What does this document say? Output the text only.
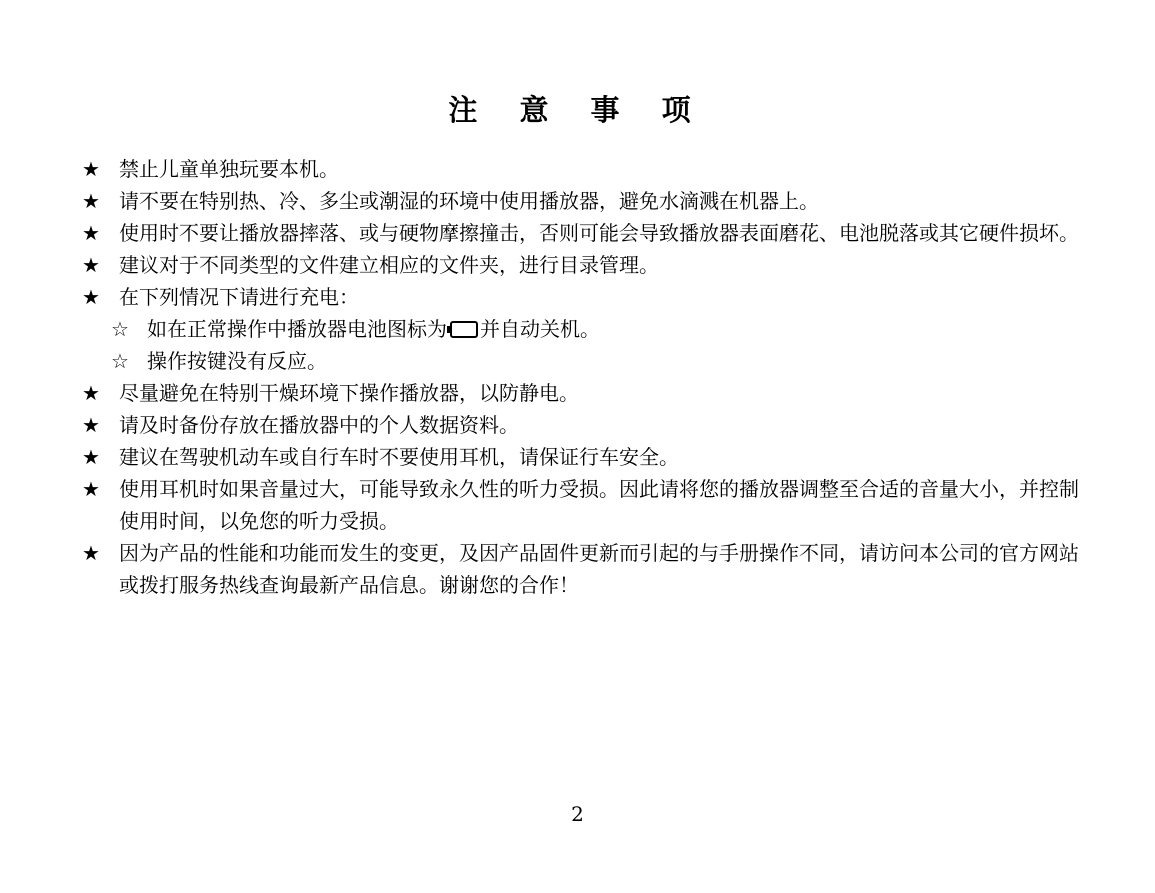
注 意 事 项
★ 禁止儿童单独玩要本机。
★ 请不要在特别热、冷、多尘或潮湿的环境中使用播放器，避免水滴溅在机器上。
★ 使用时不要让播放器摔落、或与硬物摩擦撞击，否则可能会导致播放器表面磨花、电池脱落或其它硬件损坏。
★ 建议对于不同类型的文件建立相应的文件夹，进行目录管理。
★ 在下列情况下请进行充电：
☆ 如在正常操作中播放器电池图标为 并自动关机。
☆ 操作按键没有反应。
★ 尽量避免在特别干燥环境下操作播放器，以防静电。
★ 请及时备份存放在播放器中的个人数据资料。
★ 建议在驾驶机动车或自行车时不要使用耳机，请保证行车安全。
★ 使用耳机时如果音量过大，可能导致永久性的听力受损。因此请将您的播放器调整至合适的音量大小，并控制使用时间，以免您的听力受损。
★ 因为产品的性能和功能而发生的变更，及因产品固件更新而引起的与手册操作不同，请访问本公司的官方网站或拨打服务热线查询最新产品信息。谢谢您的合作！
2
